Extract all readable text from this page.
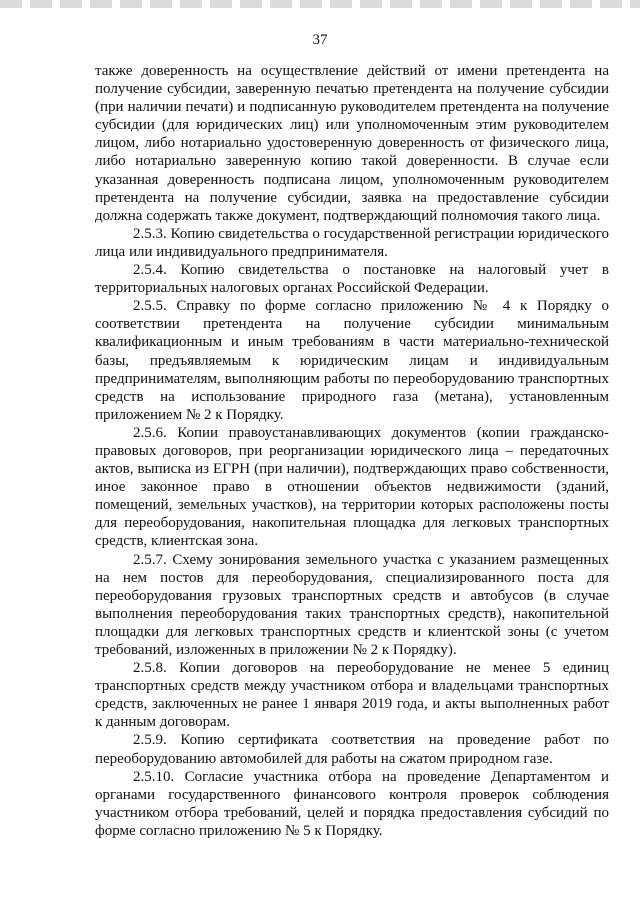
37

также доверенность на осуществление действий от имени претендента на получение субсидии, заверенную печатью претендента на получение субсидии (при наличии печати) и подписанную руководителем претендента на получение субсидии (для юридических лиц) или уполномоченным этим руководителем лицом, либо нотариально удостоверенную доверенность от физического лица, либо нотариально заверенную копию такой доверенности. В случае если указанная доверенность подписана лицом, уполномоченным руководителем претендента на получение субсидии, заявка на предоставление субсидии должна содержать также документ, подтверждающий полномочия такого лица.

2.5.3. Копию свидетельства о государственной регистрации юридического лица или индивидуального предпринимателя.

2.5.4. Копию свидетельства о постановке на налоговый учет в территориальных налоговых органах Российской Федерации.

2.5.5. Справку по форме согласно приложению № 4 к Порядку о соответствии претендента на получение субсидии минимальным квалификационным и иным требованиям в части материально-технической базы, предъявляемым к юридическим лицам и индивидуальным предпринимателям, выполняющим работы по переоборудованию транспортных средств на использование природного газа (метана), установленным приложением № 2 к Порядку.

2.5.6. Копии правоустанавливающих документов (копии гражданско-правовых договоров, при реорганизации юридического лица – передаточных актов, выписка из ЕГРН (при наличии), подтверждающих право собственности, иное законное право в отношении объектов недвижимости (зданий, помещений, земельных участков), на территории которых расположены посты для переоборудования, накопительная площадка для легковых транспортных средств, клиентская зона.

2.5.7. Схему зонирования земельного участка с указанием размещенных на нем постов для переоборудования, специализированного поста для переоборудования грузовых транспортных средств и автобусов (в случае выполнения переоборудования таких транспортных средств), накопительной площадки для легковых транспортных средств и клиентской зоны (с учетом требований, изложенных в приложении № 2 к Порядку).

2.5.8. Копии договоров на переоборудование не менее 5 единиц транспортных средств между участником отбора и владельцами транспортных средств, заключенных не ранее 1 января 2019 года, и акты выполненных работ к данным договорам.

2.5.9. Копию сертификата соответствия на проведение работ по переоборудованию автомобилей для работы на сжатом природном газе.

2.5.10. Согласие участника отбора на проведение Департаментом и органами государственного финансового контроля проверок соблюдения участником отбора требований, целей и порядка предоставления субсидий по форме согласно приложению № 5 к Порядку.
